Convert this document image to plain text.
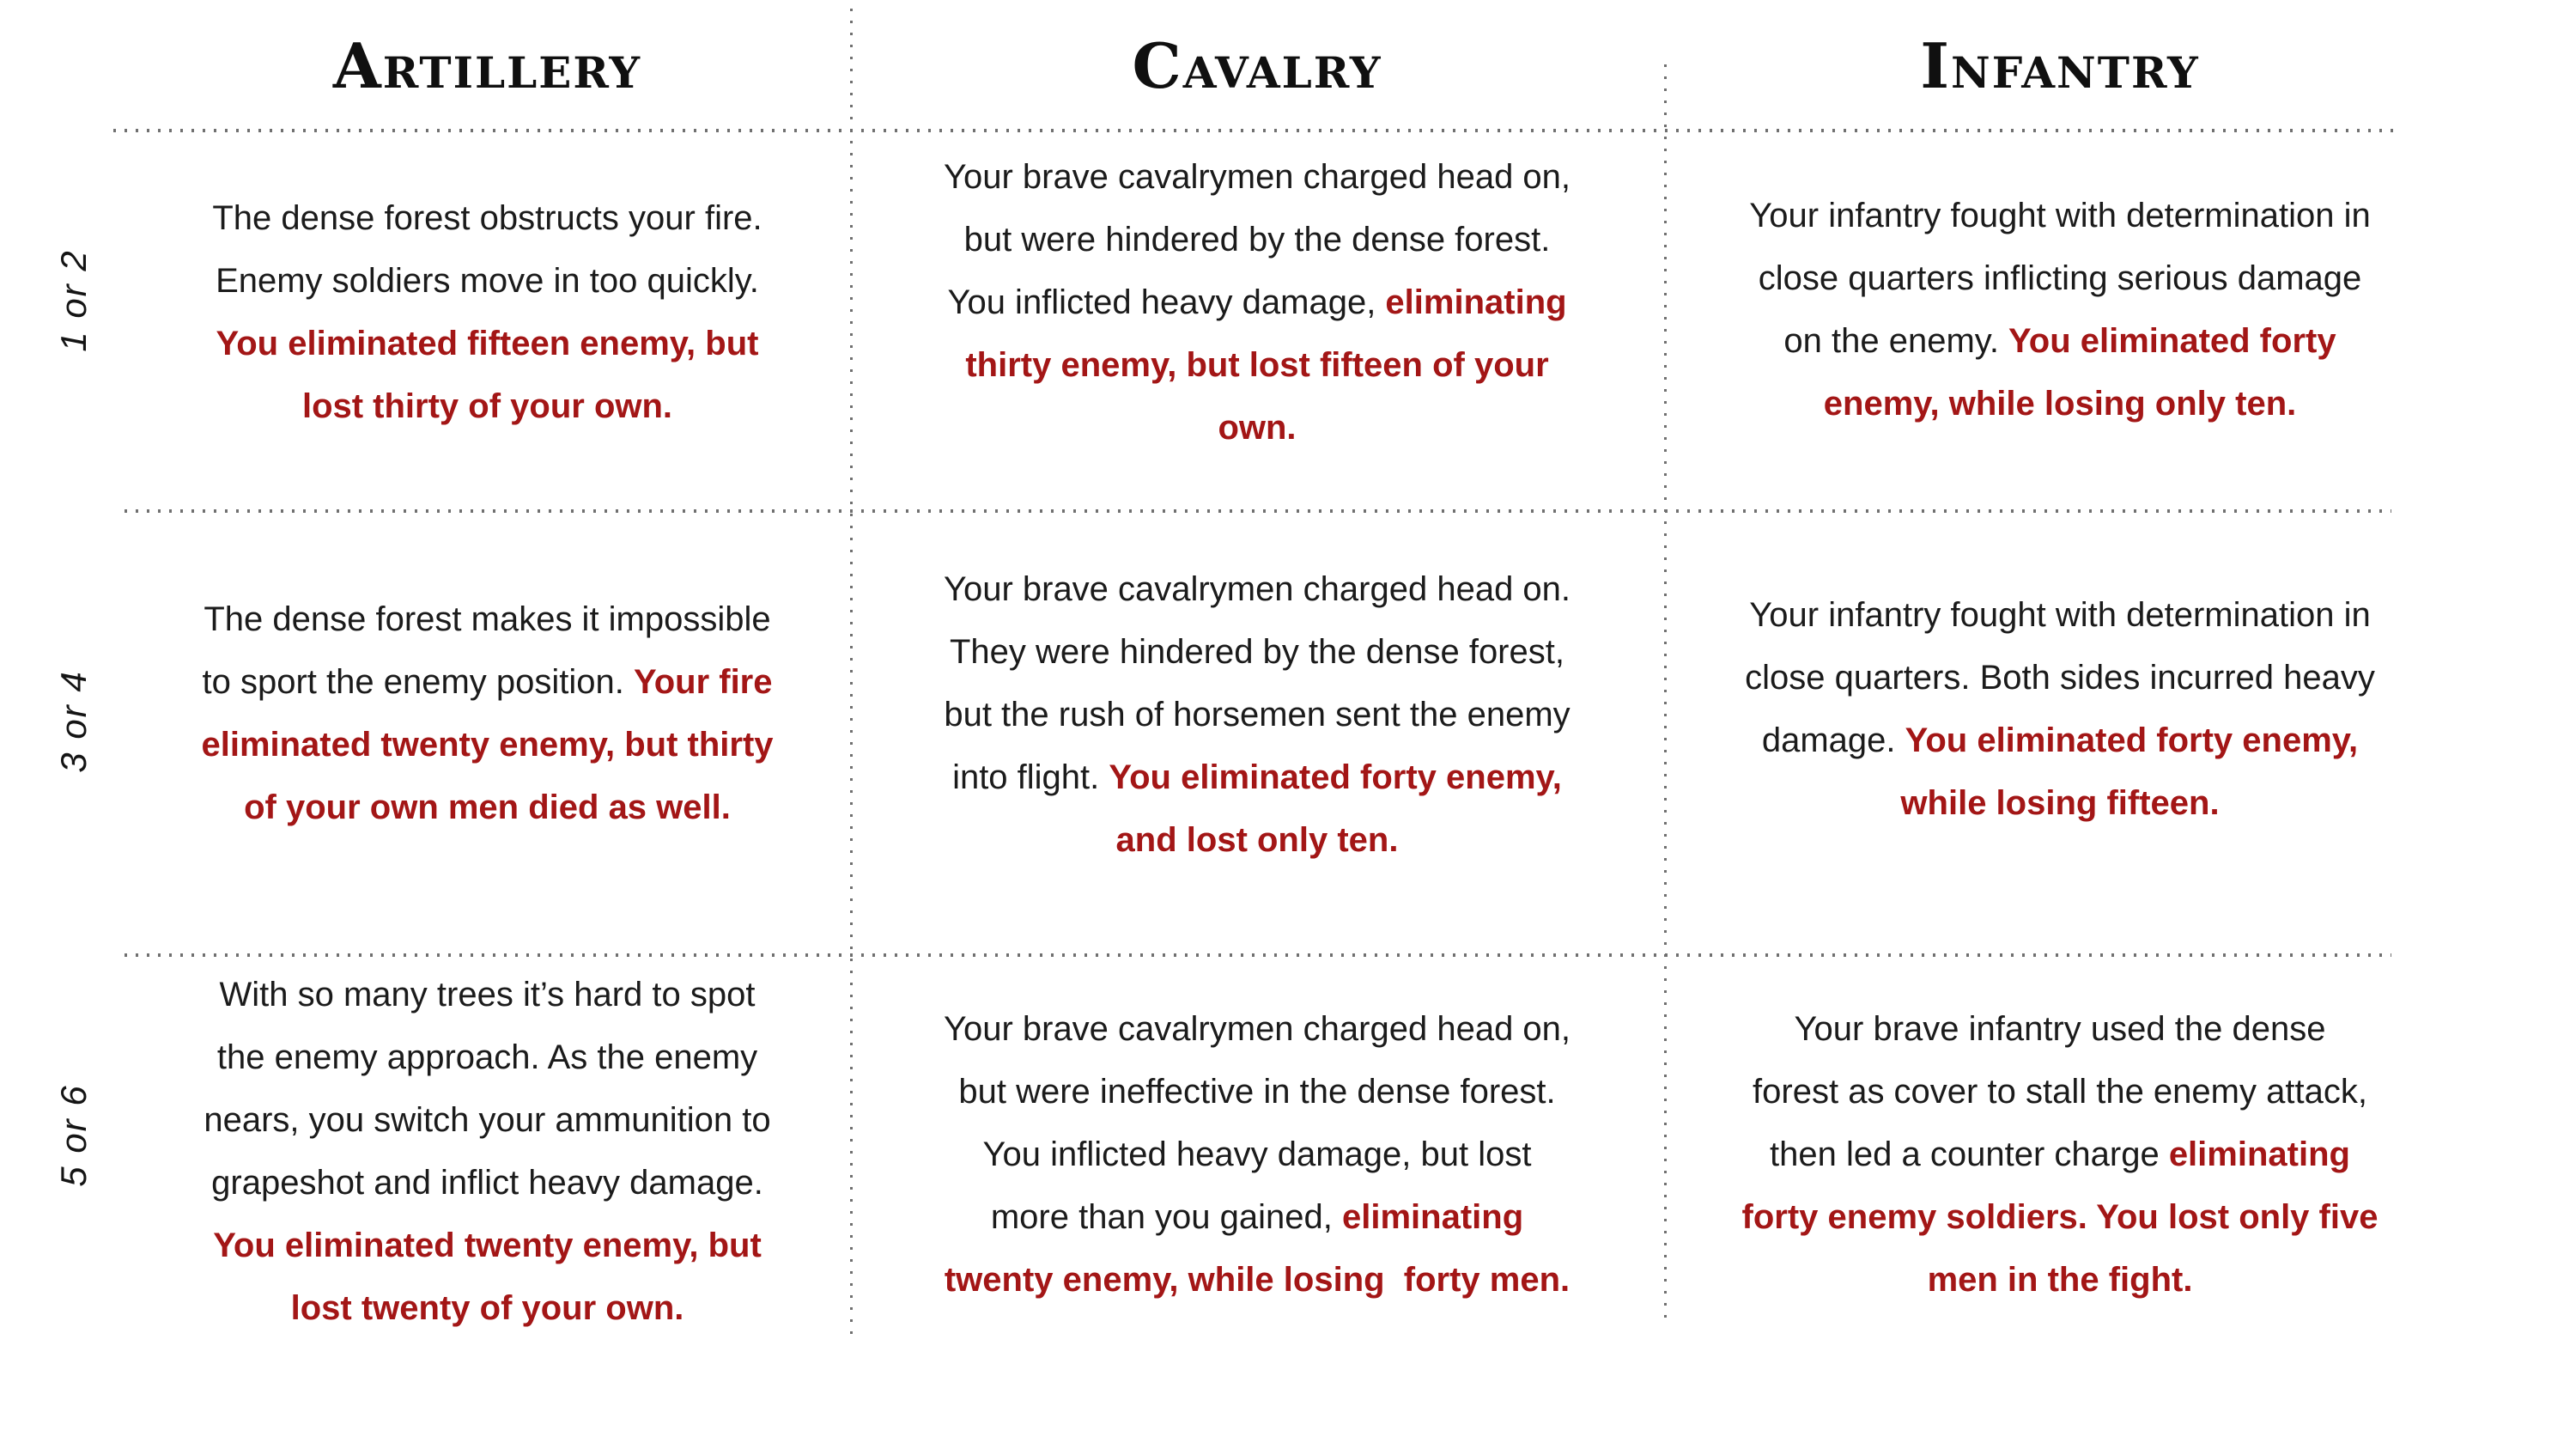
Artillery	Cavalry	Infantry
1 or 2
3 or 4
5 or 6
The dense forest obstructs your fire.
Enemy soldiers move in too quickly.
You eliminated fifteen enemy, but
lost thirty of your own.
Your brave cavalrymen charged head on,
but were hindered by the dense forest.
You inflicted heavy damage, eliminating
thirty enemy, but lost fifteen of your
own.
Your infantry fought with determination in
close quarters inflicting serious damage
on the enemy. You eliminated forty
enemy, while losing only ten.
The dense forest makes it impossible
to sport the enemy position. Your fire
eliminated twenty enemy, but thirty
of your own men died as well.
Your brave cavalrymen charged head on.
They were hindered by the dense forest,
but the rush of horsemen sent the enemy
into flight. You eliminated forty enemy,
and lost only ten.
Your infantry fought with determination in
close quarters. Both sides incurred heavy
damage. You eliminated forty enemy,
while losing fifteen.
With so many trees it’s hard to spot
the enemy approach. As the enemy
nears, you switch your ammunition to
grapeshot and inflict heavy damage.
You eliminated twenty enemy, but
lost twenty of your own.
Your brave cavalrymen charged head on,
but were ineffective in the dense forest.
You inflicted heavy damage, but lost
more than you gained, eliminating
twenty enemy, while losing  forty men.
Your brave infantry used the dense
forest as cover to stall the enemy attack,
then led a counter charge eliminating
forty enemy soldiers. You lost only five
men in the fight.
